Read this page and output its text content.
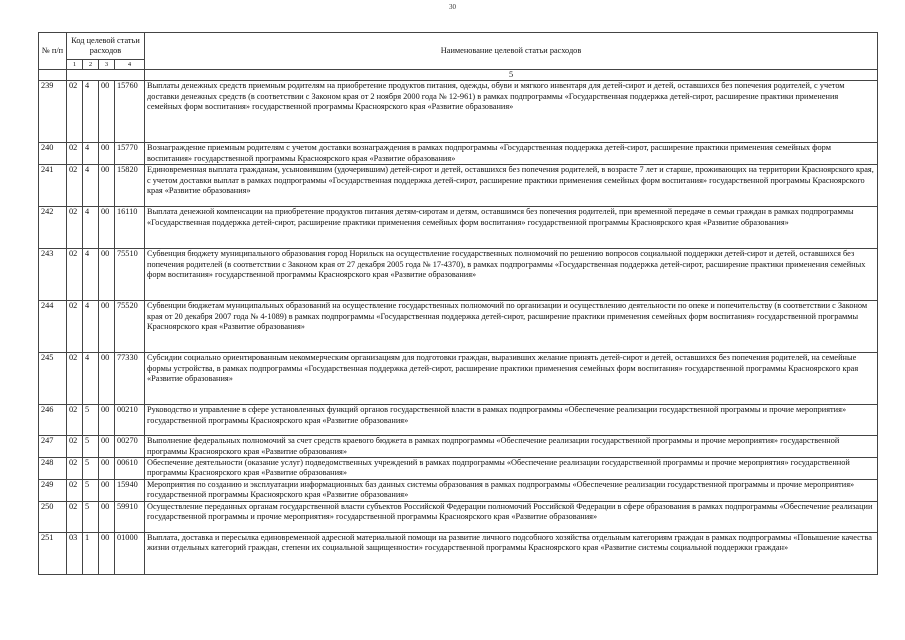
30
№ п/п	Код целевой статьи расходов				Наименование целевой статьи расходов
	1	2	3	4	
					5
239	02	4	00	15760	Выплаты денежных средств приемным родителям на приобретение продуктов питания, одежды, обуви и мягкого инвентаря для детей-сирот и детей, оставшихся без попечения родителей, с учетом доставки денежных средств (в соответствии с Законом края от 2 ноября 2000 года № 12-961) в рамках подпрограммы «Государственная поддержка детей-сирот, расширение практики применения семейных форм воспитания» государственной программы Красноярского края «Развитие образования»
240	02	4	00	15770	Вознаграждение приемным родителям с учетом доставки вознаграждения в рамках подпрограммы «Государственная поддержка детей-сирот, расширение практики применения семейных форм воспитания» государственной программы Красноярского края «Развитие образования»
241	02	4	00	15820	Единовременная выплата гражданам, усыновившим (удочерившим) детей-сирот и детей, оставшихся без попечения родителей, в возрасте 7 лет и старше, проживающих на территории Красноярского края, с учетом доставки выплат в рамках подпрограммы «Государственная поддержка детей-сирот, расширение практики применения семейных форм воспитания» государственной программы Красноярского края «Развитие образования»
242	02	4	00	16110	Выплата денежной компенсации на приобретение продуктов питания детям-сиротам и детям, оставшимся без попечения родителей, при временной передаче в семьи граждан в рамках подпрограммы «Государственная поддержка детей-сирот, расширение практики применения семейных форм воспитания» государственной программы Красноярского края «Развитие образования»
243	02	4	00	75510	Субвенция бюджету муниципального образования город Норильск на осуществление государственных полномочий по решению вопросов социальной поддержки детей-сирот и детей, оставшихся без попечения родителей (в соответствии с Законом края от 27 декабря 2005 года № 17-4370), в рамках подпрограммы «Государственная поддержка детей-сирот, расширение практики применения семейных форм воспитания» государственной программы Красноярского края «Развитие образования»
244	02	4	00	75520	Субвенции бюджетам муниципальных образований на осуществление государственных полномочий по организации и осуществлению деятельности по опеке и попечительству (в соответствии с Законом края от 20 декабря 2007 года № 4-1089) в рамках подпрограммы «Государственная поддержка детей-сирот, расширение практики применения семейных форм воспитания» государственной программы Красноярского края «Развитие образования»
245	02	4	00	77330	Субсидии социально ориентированным некоммерческим организациям для подготовки граждан, выразивших желание принять детей-сирот и детей, оставшихся без попечения родителей, на семейные формы устройства, в рамках подпрограммы «Государственная поддержка детей-сирот, расширение практики применения семейных форм воспитания» государственной программы Красноярского края «Развитие образования»
246	02	5	00	00210	Руководство и управление в сфере установленных функций органов государственной власти в рамках подпрограммы «Обеспечение реализации государственной программы и прочие мероприятия» государственной программы Красноярского края «Развитие образования»
247	02	5	00	00270	Выполнение федеральных полномочий за счет средств краевого бюджета в рамках подпрограммы «Обеспечение реализации государственной программы и прочие мероприятия» государственной программы Красноярского края «Развитие образования»
248	02	5	00	00610	Обеспечение деятельности (оказание услуг) подведомственных учреждений в рамках подпрограммы «Обеспечение реализации государственной программы и прочие мероприятия» государственной программы Красноярского края «Развитие образования»
249	02	5	00	15940	Мероприятия по созданию и эксплуатации информационных баз данных системы образования в рамках подпрограммы «Обеспечение реализации государственной программы и прочие мероприятия» государственной программы Красноярского края «Развитие образования»
250	02	5	00	59910	Осуществление переданных органам государственной власти субъектов Российской Федерации полномочий Российской Федерации в сфере образования в рамках подпрограммы «Обеспечение реализации государственной программы и прочие мероприятия» государственной программы Красноярского края «Развитие образования»
251	03	1	00	01000	Выплата, доставка и пересылка единовременной адресной материальной помощи на развитие личного подсобного хозяйства отдельным категориям граждан в рамках подпрограммы «Повышение качества жизни отдельных категорий граждан, степени их социальной защищенности» государственной программы Красноярского края «Развитие системы социальной поддержки граждан»
